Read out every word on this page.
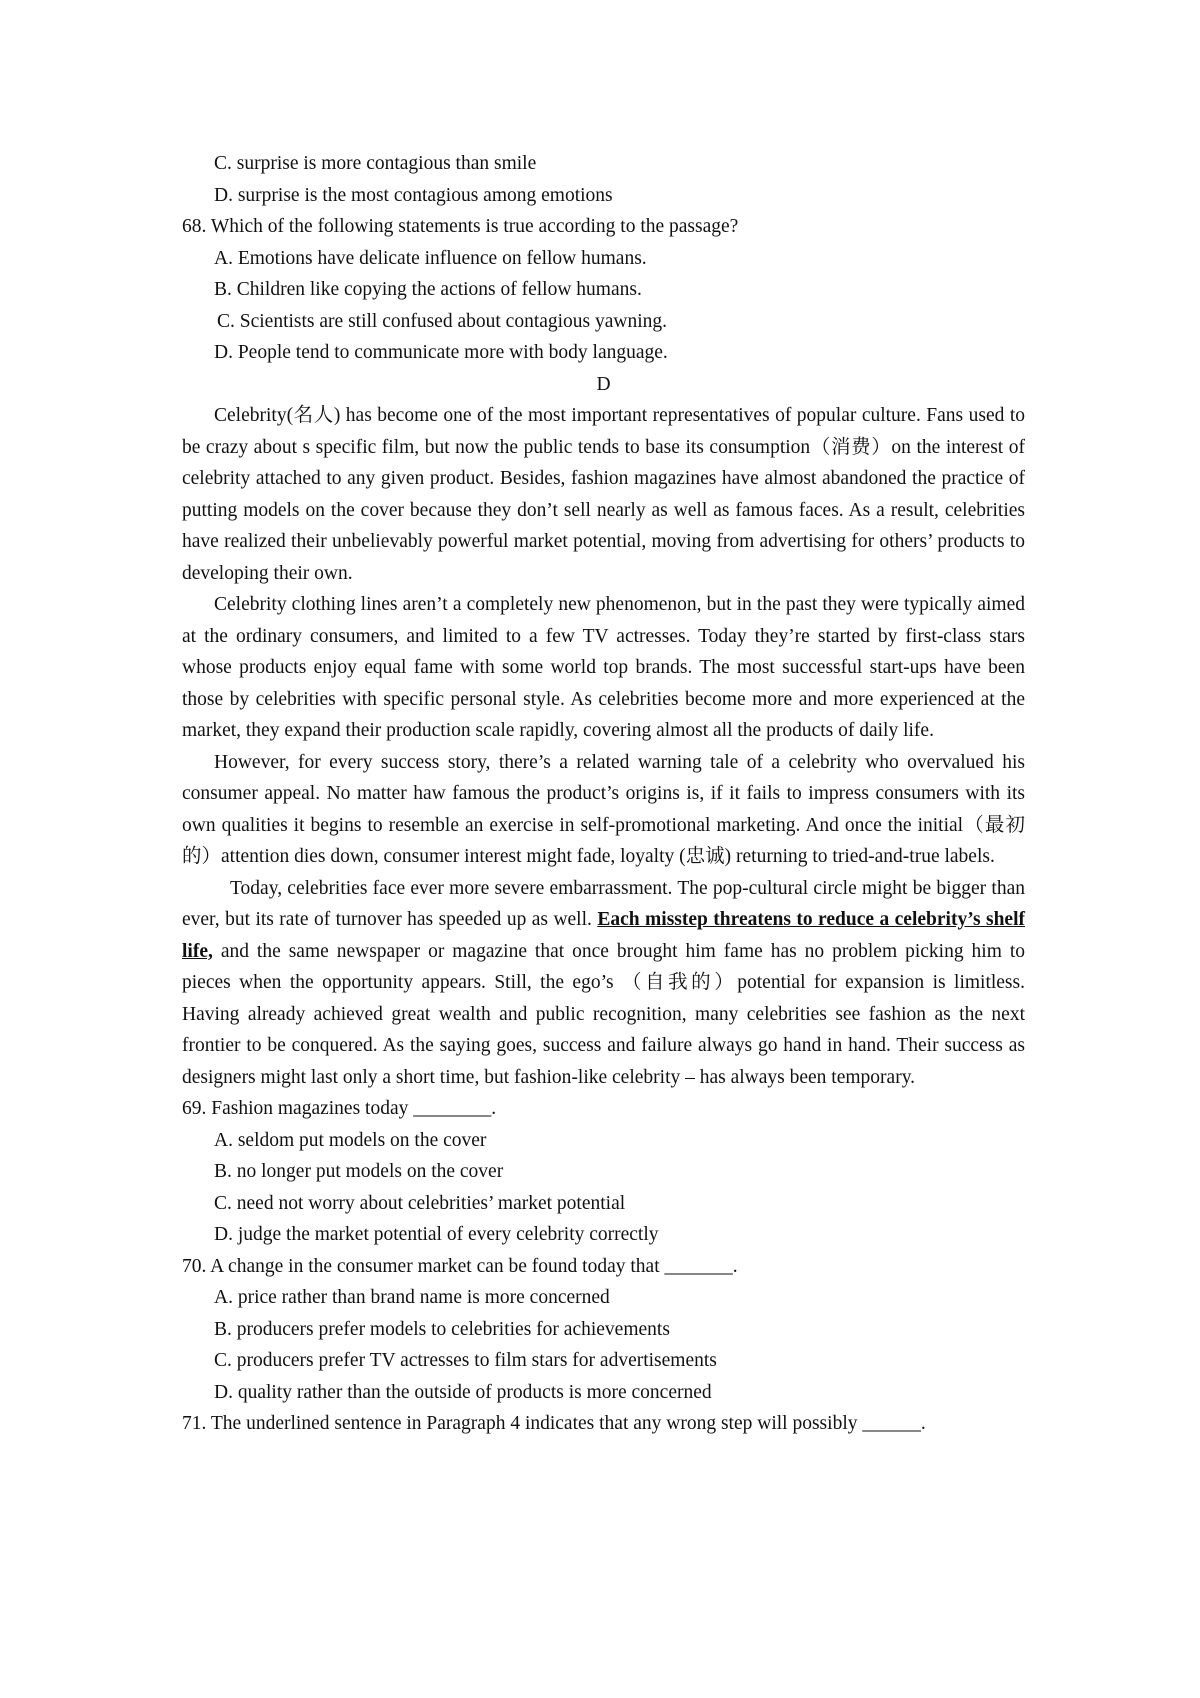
C. surprise is more contagious than smile
D. surprise is the most contagious among emotions
68. Which of the following statements is true according to the passage?
A. Emotions have delicate influence on fellow humans.
B. Children like copying the actions of fellow humans.
C. Scientists are still confused about contagious yawning.
D. People tend to communicate more with body language.
D

Celebrity(名人) has become one of the most important representatives of popular culture. Fans used to be crazy about s specific film, but now the public tends to base its consumption（消费）on the interest of celebrity attached to any given product. Besides, fashion magazines have almost abandoned the practice of putting models on the cover because they don’t sell nearly as well as famous faces. As a result, celebrities have realized their unbelievably powerful market potential, moving from advertising for others’ products to developing their own.

Celebrity clothing lines aren’t a completely new phenomenon, but in the past they were typically aimed at the ordinary consumers, and limited to a few TV actresses. Today they’re started by first-class stars whose products enjoy equal fame with some world top brands. The most successful start-ups have been those by celebrities with specific personal style. As celebrities become more and more experienced at the market, they expand their production scale rapidly, covering almost all the products of daily life.

However, for every success story, there’s a related warning tale of a celebrity who overvalued his consumer appeal. No matter haw famous the product’s origins is, if it fails to impress consumers with its own qualities it begins to resemble an exercise in self-promotional marketing. And once the initial（最初的）attention dies down, consumer interest might fade, loyalty (忠诚) returning to tried-and-true labels.

Today, celebrities face ever more severe embarrassment. The pop-cultural circle might be bigger than ever, but its rate of turnover has speeded up as well. Each misstep threatens to reduce a celebrity’s shelf life, and the same newspaper or magazine that once brought him fame has no problem picking him to pieces when the opportunity appears. Still, the ego’s （自我的）potential for expansion is limitless. Having already achieved great wealth and public recognition, many celebrities see fashion as the next frontier to be conquered. As the saying goes, success and failure always go hand in hand. Their success as designers might last only a short time, but fashion-like celebrity – has always been temporary.

69. Fashion magazines today ________.
A. seldom put models on the cover
B. no longer put models on the cover
C. need not worry about celebrities’ market potential
D. judge the market potential of every celebrity correctly
70. A change in the consumer market can be found today that _______.
A. price rather than brand name is more concerned
B. producers prefer models to celebrities for achievements
C. producers prefer TV actresses to film stars for advertisements
D. quality rather than the outside of products is more concerned
71. The underlined sentence in Paragraph 4 indicates that any wrong step will possibly ______.
